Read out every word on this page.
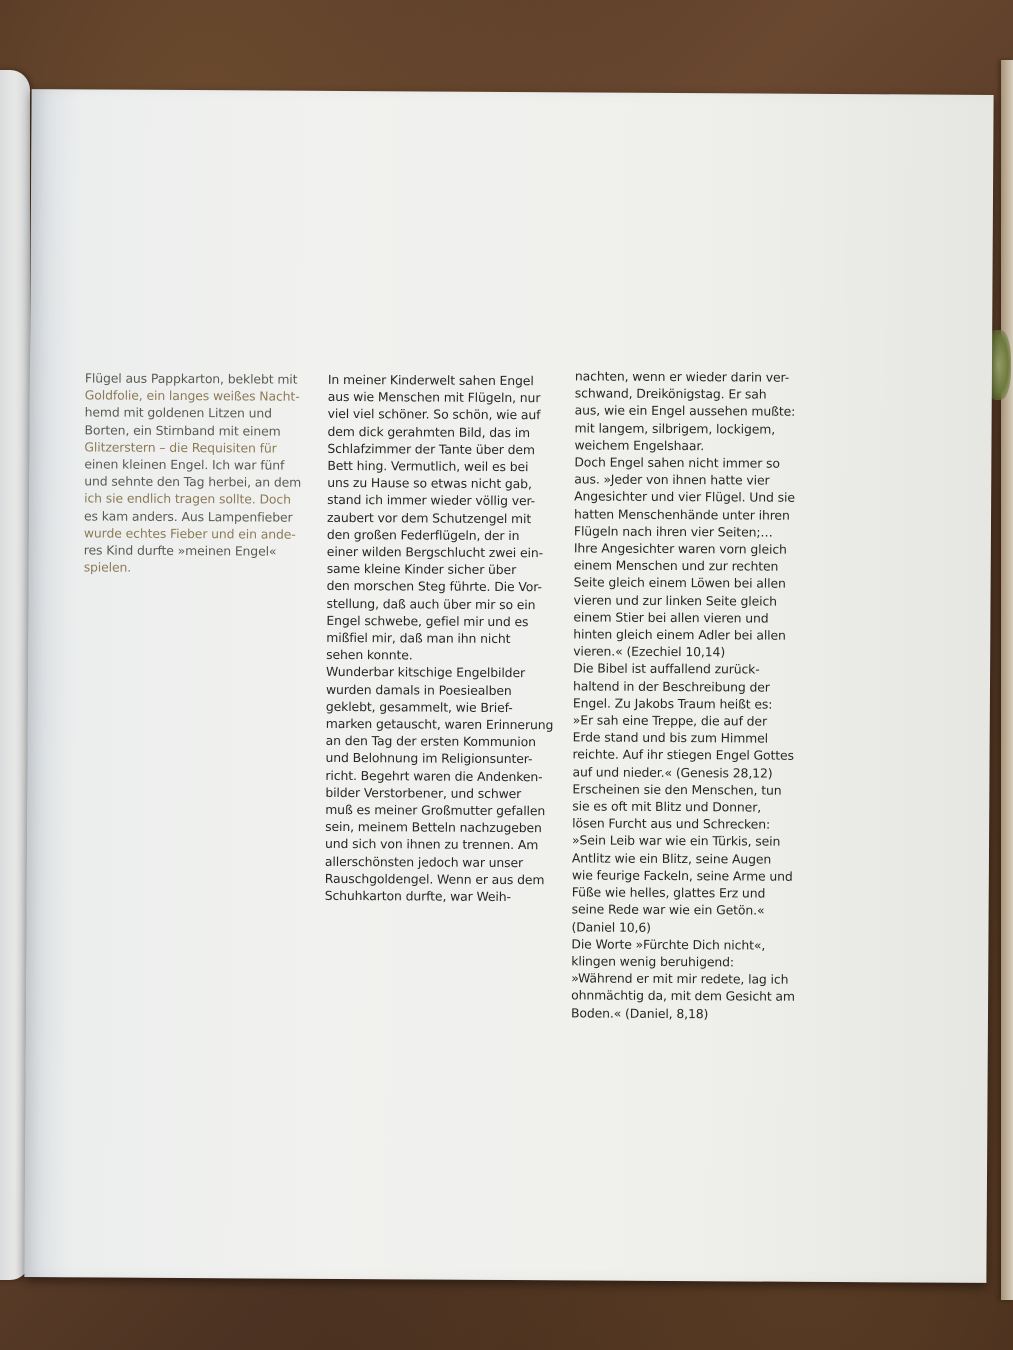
Flügel aus Pappkarton, beklebt mit

Goldfolie, ein langes weißes Nacht-

hemd mit goldenen Litzen und

Borten, ein Stirnband mit einem

Glitzerstern – die Requisiten für

einen kleinen Engel. Ich war fünf

und sehnte den Tag herbei, an dem

ich sie endlich tragen sollte. Doch

es kam anders. Aus Lampenfieber

wurde echtes Fieber und ein ande-

res Kind durfte »meinen Engel«

spielen.

In meiner Kinderwelt sahen Engel

aus wie Menschen mit Flügeln, nur

viel viel schöner. So schön, wie auf

dem dick gerahmten Bild, das im

Schlafzimmer der Tante über dem

Bett hing. Vermutlich, weil es bei

uns zu Hause so etwas nicht gab,

stand ich immer wieder völlig ver-

zaubert vor dem Schutzengel mit

den großen Federflügeln, der in

einer wilden Bergschlucht zwei ein-

same kleine Kinder sicher über

den morschen Steg führte. Die Vor-

stellung, daß auch über mir so ein

Engel schwebe, gefiel mir und es

mißfiel mir, daß man ihn nicht

sehen konnte.

Wunderbar kitschige Engelbilder

wurden damals in Poesiealben

geklebt, gesammelt, wie Brief-

marken getauscht, waren Erinnerung

an den Tag der ersten Kommunion

und Belohnung im Religionsunter-

richt. Begehrt waren die Andenken-

bilder Verstorbener, und schwer

muß es meiner Großmutter gefallen

sein, meinem Betteln nachzugeben

und sich von ihnen zu trennen. Am

allerschönsten jedoch war unser

Rauschgoldengel. Wenn er aus dem

Schuhkarton durfte, war Weih-

nachten, wenn er wieder darin ver-

schwand, Dreikönigstag. Er sah

aus, wie ein Engel aussehen mußte:

mit langem, silbrigem, lockigem,

weichem Engelshaar.

Doch Engel sahen nicht immer so

aus. »Jeder von ihnen hatte vier

Angesichter und vier Flügel. Und sie

hatten Menschenhände unter ihren

Flügeln nach ihren vier Seiten;…

Ihre Angesichter waren vorn gleich

einem Menschen und zur rechten

Seite gleich einem Löwen bei allen

vieren und zur linken Seite gleich

einem Stier bei allen vieren und

hinten gleich einem Adler bei allen

vieren.« (Ezechiel 10,14)

Die Bibel ist auffallend zurück-

haltend in der Beschreibung der

Engel. Zu Jakobs Traum heißt es:

»Er sah eine Treppe, die auf der

Erde stand und bis zum Himmel

reichte. Auf ihr stiegen Engel Gottes

auf und nieder.« (Genesis 28,12)

Erscheinen sie den Menschen, tun

sie es oft mit Blitz und Donner,

lösen Furcht aus und Schrecken:

»Sein Leib war wie ein Türkis, sein

Antlitz wie ein Blitz, seine Augen

wie feurige Fackeln, seine Arme und

Füße wie helles, glattes Erz und

seine Rede war wie ein Getön.«

(Daniel 10,6)

Die Worte »Fürchte Dich nicht«,

klingen wenig beruhigend:

»Während er mit mir redete, lag ich

ohnmächtig da, mit dem Gesicht am

Boden.« (Daniel, 8,18)
